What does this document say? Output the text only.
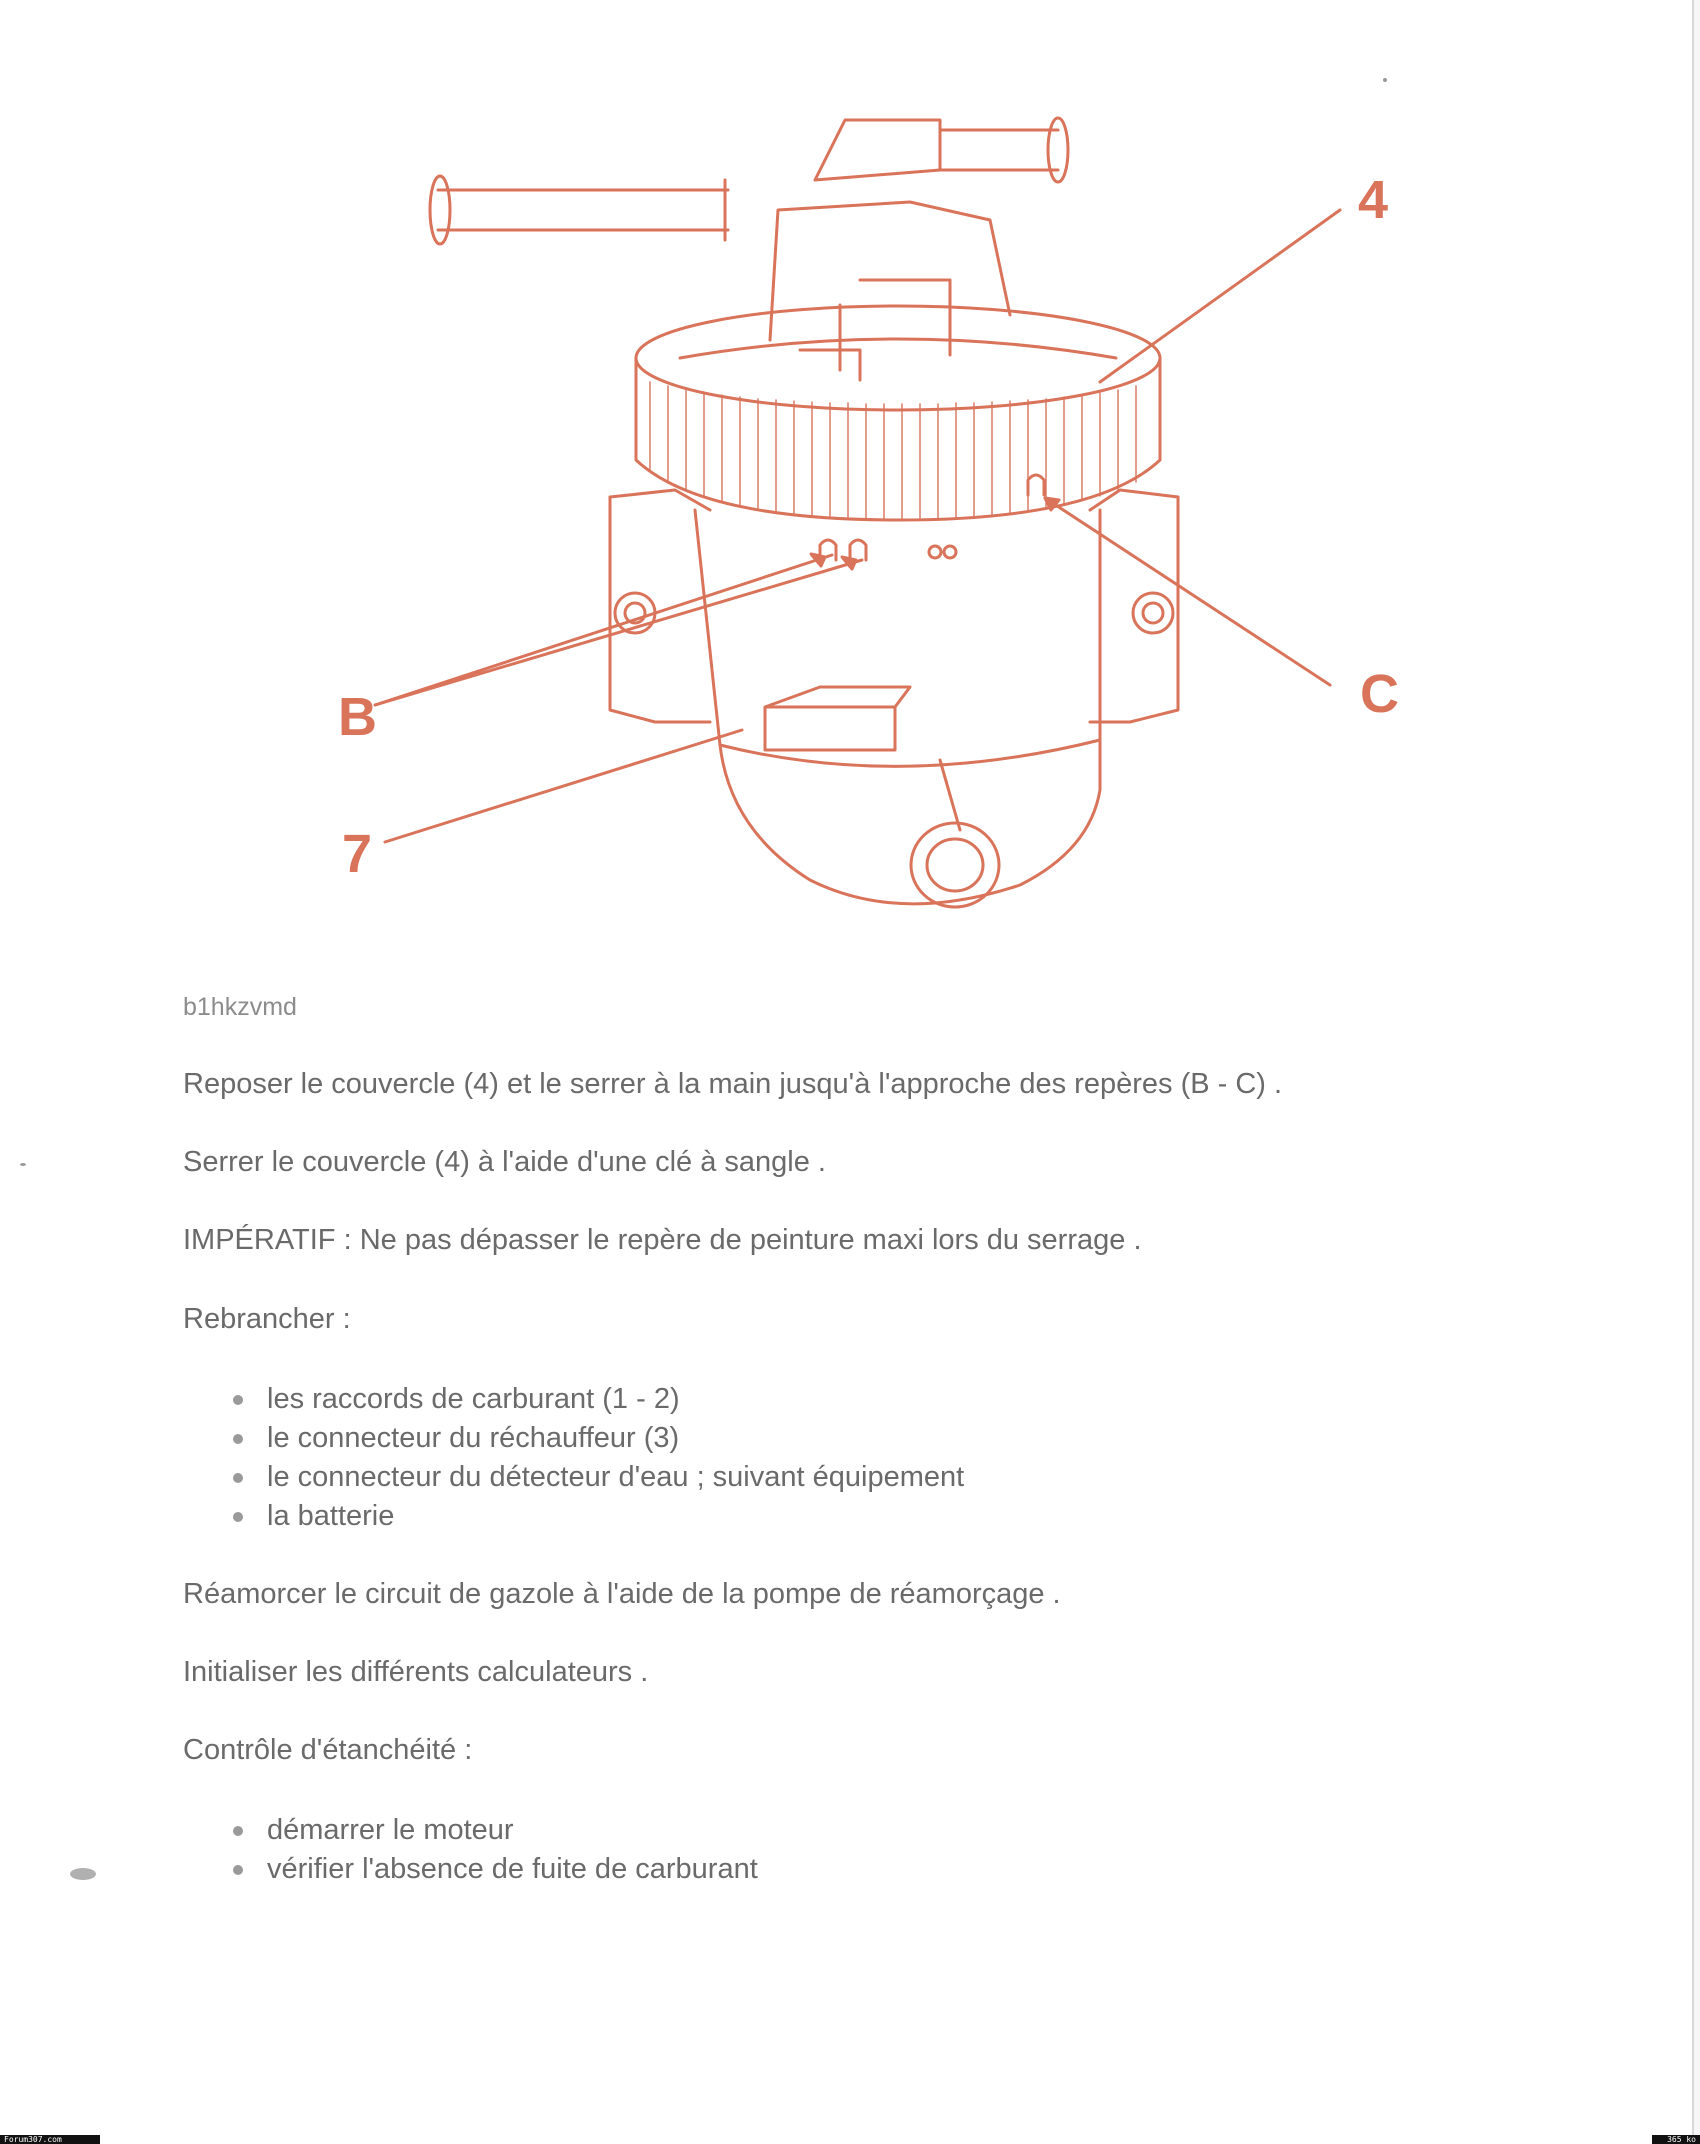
4
B	C
7

b1hkzvmd

Reposer le couvercle (4) et le serrer à la main jusqu'à l'approche des repères (B - C) .

Serrer le couvercle (4) à l'aide d'une clé à sangle .

IMPÉRATIF : Ne pas dépasser le repère de peinture maxi lors du serrage .

Rebrancher :

les raccords de carburant (1 - 2)
le connecteur du réchauffeur (3)
le connecteur du détecteur d'eau ; suivant équipement
la batterie

Réamorcer le circuit de gazole à l'aide de la pompe de réamorçage .

Initialiser les différents calculateurs .

Contrôle d'étanchéité :

démarrer le moteur
vérifier l'absence de fuite de carburant
Forum307.com	365 ko
